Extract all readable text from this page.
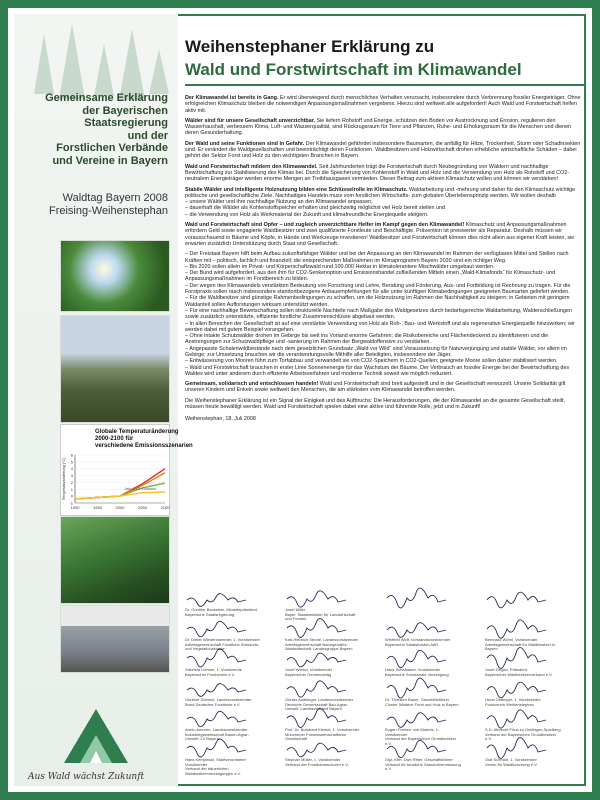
Gemeinsame Erklärung
der Bayerischen
Staatsregierung
und der
Forstlichen Verbände
und Vereine in Bayern
Waldtag Bayern 2008
Freising-Weihenstephan
Globale Temperaturänderung
2000-2100 für
verschiedene Emissionsszenarien
-1
0
1
2
3
4
5
6
1900	1950	2000	2050	2100
Temperaturänderung (°C)	Jahr 2000 Konstant
Aus Wald wächst Zukunft
Weihenstephaner Erklärung zu
Wald und Forstwirtschaft im Klimawandel

Der Klimawandel ist bereits in Gang. Er wird überwiegend durch menschliches Verhalten verursacht, insbesondere durch Verbrennung fossiler Energieträger. Ohne erfolgreichen Klimaschutz bleiben die notwendigen Anpassungsmaßnahmen vergebens. Hierzu sind weltweit alle aufgefordert! Auch Wald und Forstwirtschaft helfen aktiv mit.

Wälder sind für unsere Gesellschaft unverzichtbar. Sie liefern Rohstoff und Energie, schützen den Boden vor Austrocknung und Erosion, regulieren den Wasserhaushalt, verbessern Klima, Luft- und Wasserqualität, sind Rückzugsraum für Tiere und Pflanzen, Ruhe- und Erholungsraum für die Menschen und dienen deren Gesunderhaltung.

Der Wald und seine Funktionen sind in Gefahr. Der Klimawandel gefährdet insbesondere Baumarten, die anfällig für Hitze, Trockenheit, Sturm oder Schadinsekten sind. Er verändert die Waldgesellschaften und beeinträchtigt deren Funktionen. Waldbesitzern und Holzwirtschaft drohen erhebliche wirtschaftliche Schäden – dabei gehört der Sektor Forst und Holz zu den wichtigsten Branchen in Bayern.

Wald und Forstwirtschaft mildern den Klimawandel. Seit Jahrhunderten trägt die Forstwirtschaft durch Neubegründung von Wäldern und nachhaltige Bewirtschaftung zur Stabilisierung des Klimas bei. Durch die Speicherung von Kohlenstoff in Wald und Holz und die Verwendung von Holz als Rohstoff und CO2-neutralem Energieträger werden enorme Mengen an Treibhausgasen vermieden. Dieser Beitrag zum aktiven Klimaschutz wollen und können wir verstärken!

Stabile Wälder und intelligente Holznutzung bilden eine Schlüsselrolle im Klimaschutz. Waldarbeitung und -mehrung sind daher für den Klimaschutz wichtige politische und gesellschaftliche Ziele. Nachhaltiges Handeln muss vom forstlichen Wirtschafts- zum globalen Überlebensprinzip werden. Wir wollen deshalb

– unsere Wälder und ihre nachhaltige Nutzung an den Klimawandel anpassen,
– dauerhaft die Wälder als Kohlenstoffspeicher erhalten und gleichzeitig möglichst viel Holz bereit stellen und
– die Verwendung von Holz als Werkmaterial der Zukunft und klimafreundliche Energiequelle steigern.

Wald und Forstwirtschaft sind Opfer – und zugleich unverzichtbare Helfer im Kampf gegen den Klimawandel! Klimaschutz und Anpassungsmaßnahmen erfordern Geld sowie engagierte Waldbesitzer und zwei qualifizierte Forstleute und Beschäftigte. Prävention ist preiswerter als Reparatur. Deshalb müssen wir vorausschauend in Bäume und Köpfe, in Hände und Werkzeuge investieren! Waldbesitzer und Forstwirtschaft können dies nicht allein aus eigener Kraft leisten, sie erwarten zusätzlich Unterstützung durch Staat und Gesellschaft.

– Der Freistaat Bayern hilft beim Aufbau zukunftsfähiger Wälder und bei der Anpassung an den Klimawandel im Rahmen der verfügbaren Mittel und Stellen nach Kräften mit – politisch, fachlich und finanziell; die entsprechenden Maßnahmen im Klimaprogramm Bayern 2020 sind ein richtiger Weg.
– Bis 2020 sollen allein im Privat- und Körperschaftswald rund 100.000 Hektar in klimatolerantere Mischwälder umgebaut werden.
– Der Bund wird aufgefordert, aus den ihm für CO2-Senkenoption und Emissionshandel zufließenden Mitteln einen „Wald-Klimafonds“ für Klimaschutz- und Anpassungsmaßnahmen im Forstbereich zu bilden.
– Der wegen des Klimawandels verstärkten Bedeutung von Forschung und Lehre, Beratung und Förderung, Aus- und Fortbildung ist Rechnung zu tragen. Für die Forstpraxis sollen rasch insbesondere standortbezogene Anbauempfehlungen für alle unter künftigen Klimabedingungen geeigneten Baumarten geliefert werden.
– Für die Waldbesitzer sind günstige Rahmenbedingungen zu schaffen, um die Holznutzung im Rahmen der Nachhaltigkeit zu steigern; in Gebieten mit geringem Waldanteil sollen Aufforstungen wirksam unterstützt werden.
– Für eine nachhaltige Bewirtschaftung sollen strukturelle Nachteile nach Maßgabe des Waldgesetzes durch bedarfsgerechte Waldarbeitung, Walderschließungen sowie zusätzlich unterstützte, effiziente forstliche Zusammenschlüsse abgebaut werden.
– In allen Bereichen der Gesellschaft ist auf eine verstärkte Verwendung von Holz als Roh-, Bau- und Werkstoff und als regenerative Energiequelle hinzuwirken; wir werden dabei mit gutem Beispiel vorangehen.
– Ohne intakte Schutzwälder drohen im Gebirge bis weit ins Vorland enorme Gefahren; die Risikobereiche und Flächendeckend zu identifizieren und die Anstrengungen zur Schutzwaldpflege und -sanierung im Rahmen der Bergwaldoffensive zu verstärken.
– Angepasste Schalenwildbestände nach dem gesetzlichen Grundsatz „Wald vor Wild“ sind Voraussetzung für Naturverjüngung und stabile Wälder, vor allem im Gebirge; zur Umsetzung brauchen wir die verantwortungsvolle Mithilfe aller Beteiligten, insbesondere der Jäger.
– Entwässerung von Mooren führt zum Torfabbau und verwandelt sie von CO2-Speichern in CO2-Quellen; geeignete Moore sollen daher stabilisiert werden.
– Wald und Forstwirtschaft brauchen in erster Linie Sonnenenergie für das Wachstum der Bäume. Der Verbrauch an fossiler Energie bei der Bewirtschaftung des Waldes wird unter anderem durch effiziente Arbeitsverfahren und moderne Technik soweit wie möglich reduziert.

Gemeinsam, solidarisch und entschlossen handeln! Wald und Forstwirtschaft sind breit aufgestellt und in der Gesellschaft verwurzelt. Unsere Solidarität gilt unseren Kindern und Enkeln sowie weltweit den Menschen, die am stärksten vom Klimawandel betroffen werden.

Die Weihenstephaner Erklärung ist ein Signal der Einigkeit und des Aufbruchs: Die Herausforderungen, die der Klimawandel an die gesamte Gesellschaft stellt, müssen heute bewältigt werden. Wald und Forstwirtschaft spielen dabei eine aktive und führende Rolle, jetzt und in Zukunft!

Weihenstephan, 18. Juli 2008

Dr. Günther Beckstein, Ministerpräsident
Bayerische Staatsregierung
Josef Miller
Bayer. Staatsminister für Landwirtschaft und Forsten
Dr. Dieter Wiedenhammer, 1. Vorsitzender
Arbeitsgemeinschaft Forstliche Standorts- und Vegetationskunde
Karl-Heinrich Strohe, Landesvorsitzender
Arbeitsgemeinschaft Naturgemäße Waldwirtschaft, Landesgruppe Bayern
Winfried Wolf, Vorstandsvorsitzender
Bayerische Staatsforsten AöR
Bernhard Wöhrl, Vorsitzender
Arbeitsgemeinschaft für Waldbesitzer in Bayern
Gabriela Lienner, 1. Vorsitzende
Bayerischer Forstverein e.V.
Josef Wiesel, Vorsitzender
Bayerischer Gemeindetag
Hans Schafbauer, Vorsitzender
Bayerische Schutzwald Vereinigung
Josef Ziegler, Präsident
Bayerischer Waldbesitzerverband e.V.
Gunther Dohmel, Landesvorsitzender
Bund Deutscher Forstleute e.V.
Günter Auditinger, Landesvorsitzender
Deutsche Gewerkschaft Bau-Agrar-Umwelt, Landesverband Bayern
Dr. Thorsten Bauer, Geschäftsführer
Cluster Initiative Forst und Holz in Bayern
Horst Oettinger, 1. Vorsitzender
Forstverein Weihenstephan
Armin Amrehn, Landesvorsitzender
Industriegewerkschaft Bauen-Agrar-Umwelt, LV Bayern
Prof. Dr. Burkhard Kiemel, 1. Vorsitzender
Münchener Forstwissenschaftliche Gesellschaft
Eugen Freiherr von Martels, 1. Vorsitzender
Verband der Bayerischen Grundbesitzer e.V.
S.D. Albrecht Fürst zu Oettingen-Spielberg
Verband der Bayerischen Grundbesitzer e.V.
Hans Kempinski, Stadtverordneter Vorsitzender
Verband der bäuerlichen Waldbesitzervereinigungen e.V.
Stephan Müller, 1. Vorsitzender
Verband der Forstbaumschulen e.V.
Dipl.-Kfm. Uwe Ritter, Geschäftsführer
Verband für forstliche Standortvermessung e.V.
Olaf Schmidt, 1. Vorsitzender
Verein für Waldforschung e.V.
